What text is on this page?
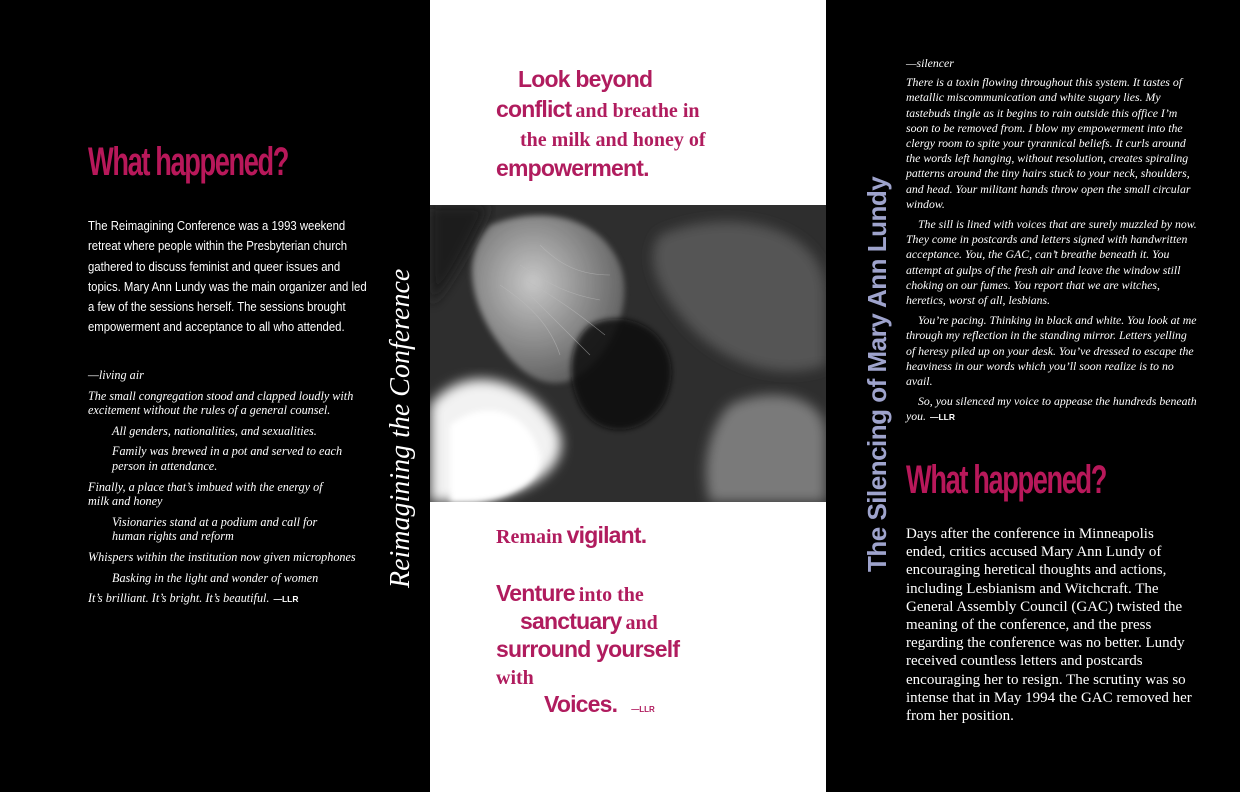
What happened?
The Reimagining Conference was a 1993 weekend retreat where people within the Presbyterian church gathered to discuss feminist and queer issues and topics. Mary Ann Lundy was the main organizer and led a few of the sessions herself. The sessions brought empowerment and acceptance to all who attended.

—living air

The small congregation stood and clapped loudly with excitement without the rules of a general counsel.

All genders, nationalities, and sexualities.

Family was brewed in a pot and served to each person in attendance.

Finally, a place that’s imbued with the energy of milk and honey

Visionaries stand at a podium and call for human rights and reform

Whispers within the institution now given microphones

Basking in the light and wonder of women

It’s brilliant. It’s bright. It’s beautiful. —LLR

Reimagining the Conference
Look beyond
conflict and breathe in
the milk and honey of
empowerment.
Remain vigilant.
Venture into the
sanctuary and
surround yourself
with
Voices. —LLR
The Silencing of Mary Ann Lundy

—silencer

There is a toxin flowing throughout this system. It tastes of metallic miscommunication and white sugary lies. My tastebuds tingle as it begins to rain outside this office I’m soon to be removed from. I blow my empowerment into the clergy room to spite your tyrannical beliefs. It curls around the words left hanging, without resolution, creates spiraling patterns around the tiny hairs stuck to your neck, shoulders, and head. Your militant hands throw open the small circular window.

The sill is lined with voices that are surely muzzled by now. They come in postcards and letters signed with handwritten acceptance. You, the GAC, can’t breathe beneath it. You attempt at gulps of the fresh air and leave the window still choking on our fumes. You report that we are witches, heretics, worst of all, lesbians.

You’re pacing. Thinking in black and white. You look at me through my reflection in the standing mirror. Letters yelling of heresy piled up on your desk. You’ve dressed to escape the heaviness in our words which you’ll soon realize is to no avail.

So, you silenced my voice to appease the hundreds beneath you. —LLR

What happened?
Days after the conference in Minneapolis ended, critics accused Mary Ann Lundy of encouraging heretical thoughts and actions, including Lesbianism and Witchcraft. The General Assembly Council (GAC) twisted the meaning of the conference, and the press regarding the conference was no better. Lundy received countless letters and postcards encouraging her to resign. The scrutiny was so intense that in May 1994 the GAC removed her from her position.
